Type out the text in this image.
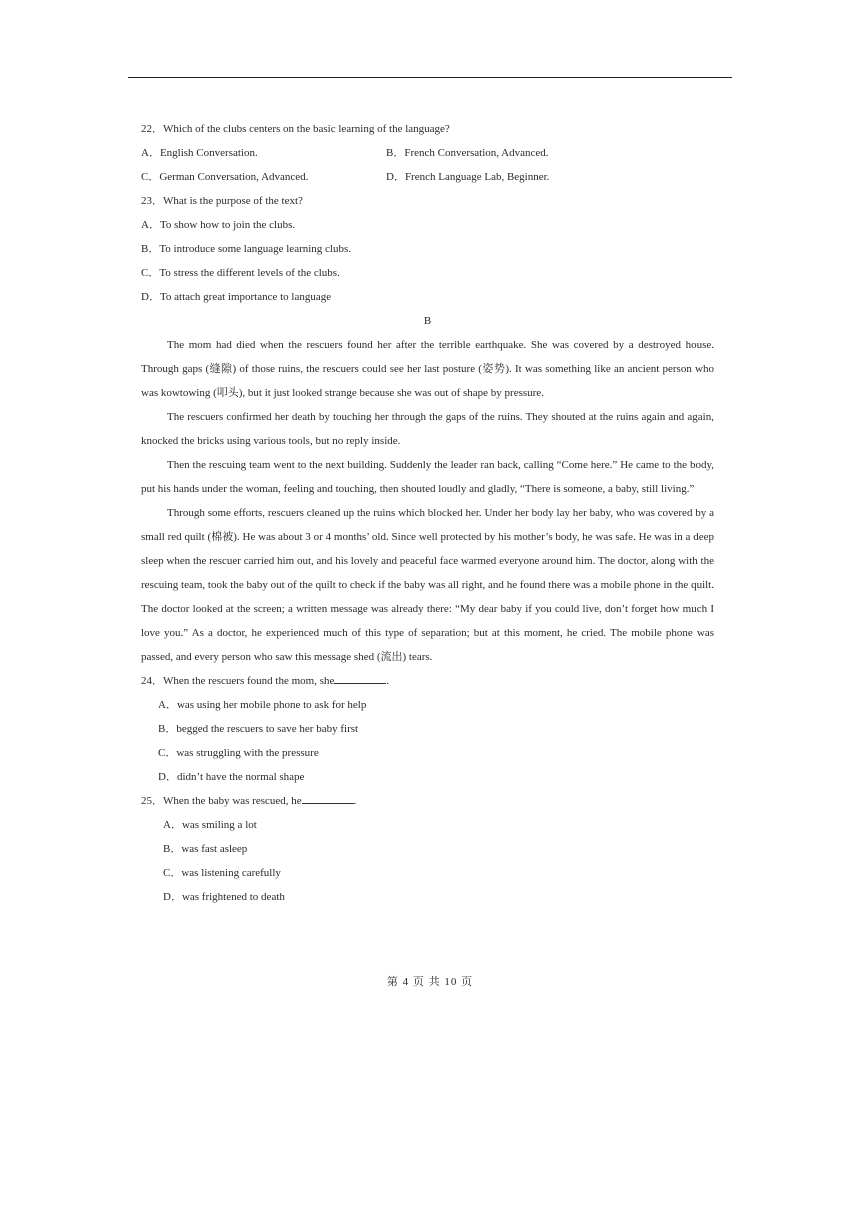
22．Which of the clubs centers on the basic learning of the language?
A．English Conversation.	B．French Conversation, Advanced.
C．German Conversation, Advanced.	D．French Language Lab, Beginner.
23．What is the purpose of the text?
A．To show how to join the clubs.
B．To introduce some language learning clubs.
C．To stress the different levels of the clubs.
D．To attach great importance to language
B
The mom had died when the rescuers found her after the terrible earthquake. She was covered by a destroyed house. Through gaps (缝隙) of those ruins, the rescuers could see her last posture (姿势). It was something like an ancient person who was kowtowing (叩头), but it just looked strange because she was out of shape by pressure.
The rescuers confirmed her death by touching her through the gaps of the ruins. They shouted at the ruins again and again, knocked the bricks using various tools, but no reply inside.
Then the rescuing team went to the next building. Suddenly the leader ran back, calling “Come here.” He came to the body, put his hands under the woman, feeling and touching, then shouted loudly and gladly, “There is someone, a baby, still living.”
Through some efforts, rescuers cleaned up the ruins which blocked her. Under her body lay her baby, who was covered by a small red quilt (棉被). He was about 3 or 4 months’ old. Since well protected by his mother’s body, he was safe. He was in a deep sleep when the rescuer carried him out, and his lovely and peaceful face warmed everyone around him. The doctor, along with the rescuing team, took the baby out of the quilt to check if the baby was all right, and he found there was a mobile phone in the quilt. The doctor looked at the screen; a written message was already there: “My dear baby if you could live, don’t forget how much I love you.” As a doctor, he experienced much of this type of separation; but at this moment, he cried. The mobile phone was passed, and every person who saw this message shed (流出) tears.
24．When the rescuers found the mom, she	.
A．was using her mobile phone to ask for help
B．begged the rescuers to save her baby first
C．was struggling with the pressure
D．didn’t have the normal shape
25．When the baby was rescued, he	.
A．was smiling a lot
B．was fast asleep
C．was listening carefully
D．was frightened to death
第 4 页 共 10 页
